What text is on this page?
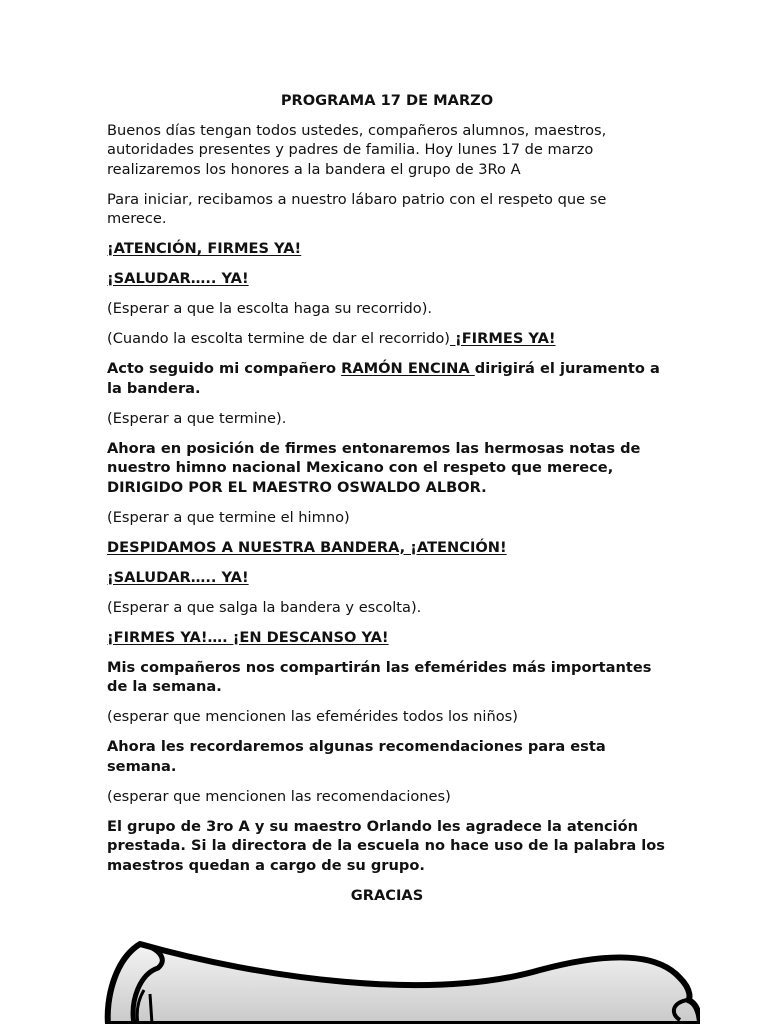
PROGRAMA 17 DE MARZO

Buenos días tengan todos ustedes, compañeros alumnos, maestros, autoridades presentes y padres de familia. Hoy lunes 17 de marzo realizaremos los honores a la bandera el grupo de 3Ro A

Para iniciar, recibamos a nuestro lábaro patrio con el respeto que se merece.

¡ATENCIÓN, FIRMES YA!

¡SALUDAR….. YA!

(Esperar a que la escolta haga su recorrido).

(Cuando la escolta termine de dar el recorrido) ¡FIRMES YA!

Acto seguido mi compañero RAMÓN ENCINA dirigirá el juramento a la bandera.

(Esperar a que termine).

Ahora en posición de firmes entonaremos las hermosas notas de nuestro himno nacional Mexicano con el respeto que merece, DIRIGIDO POR EL MAESTRO OSWALDO ALBOR.

(Esperar a que termine el himno)

DESPIDAMOS A NUESTRA BANDERA, ¡ATENCIÓN!

¡SALUDAR….. YA!

(Esperar a que salga la bandera y escolta).

¡FIRMES YA!…. ¡EN DESCANSO YA!

Mis compañeros nos compartirán las efemérides más importantes de la semana.

(esperar que mencionen las efemérides todos los niños)

Ahora les recordaremos algunas recomendaciones para esta semana.

(esperar que mencionen las recomendaciones)

El grupo de 3ro A y su maestro Orlando les agradece la atención prestada. Si la directora de la escuela no hace uso de la palabra los maestros quedan a cargo de su grupo.

GRACIAS
